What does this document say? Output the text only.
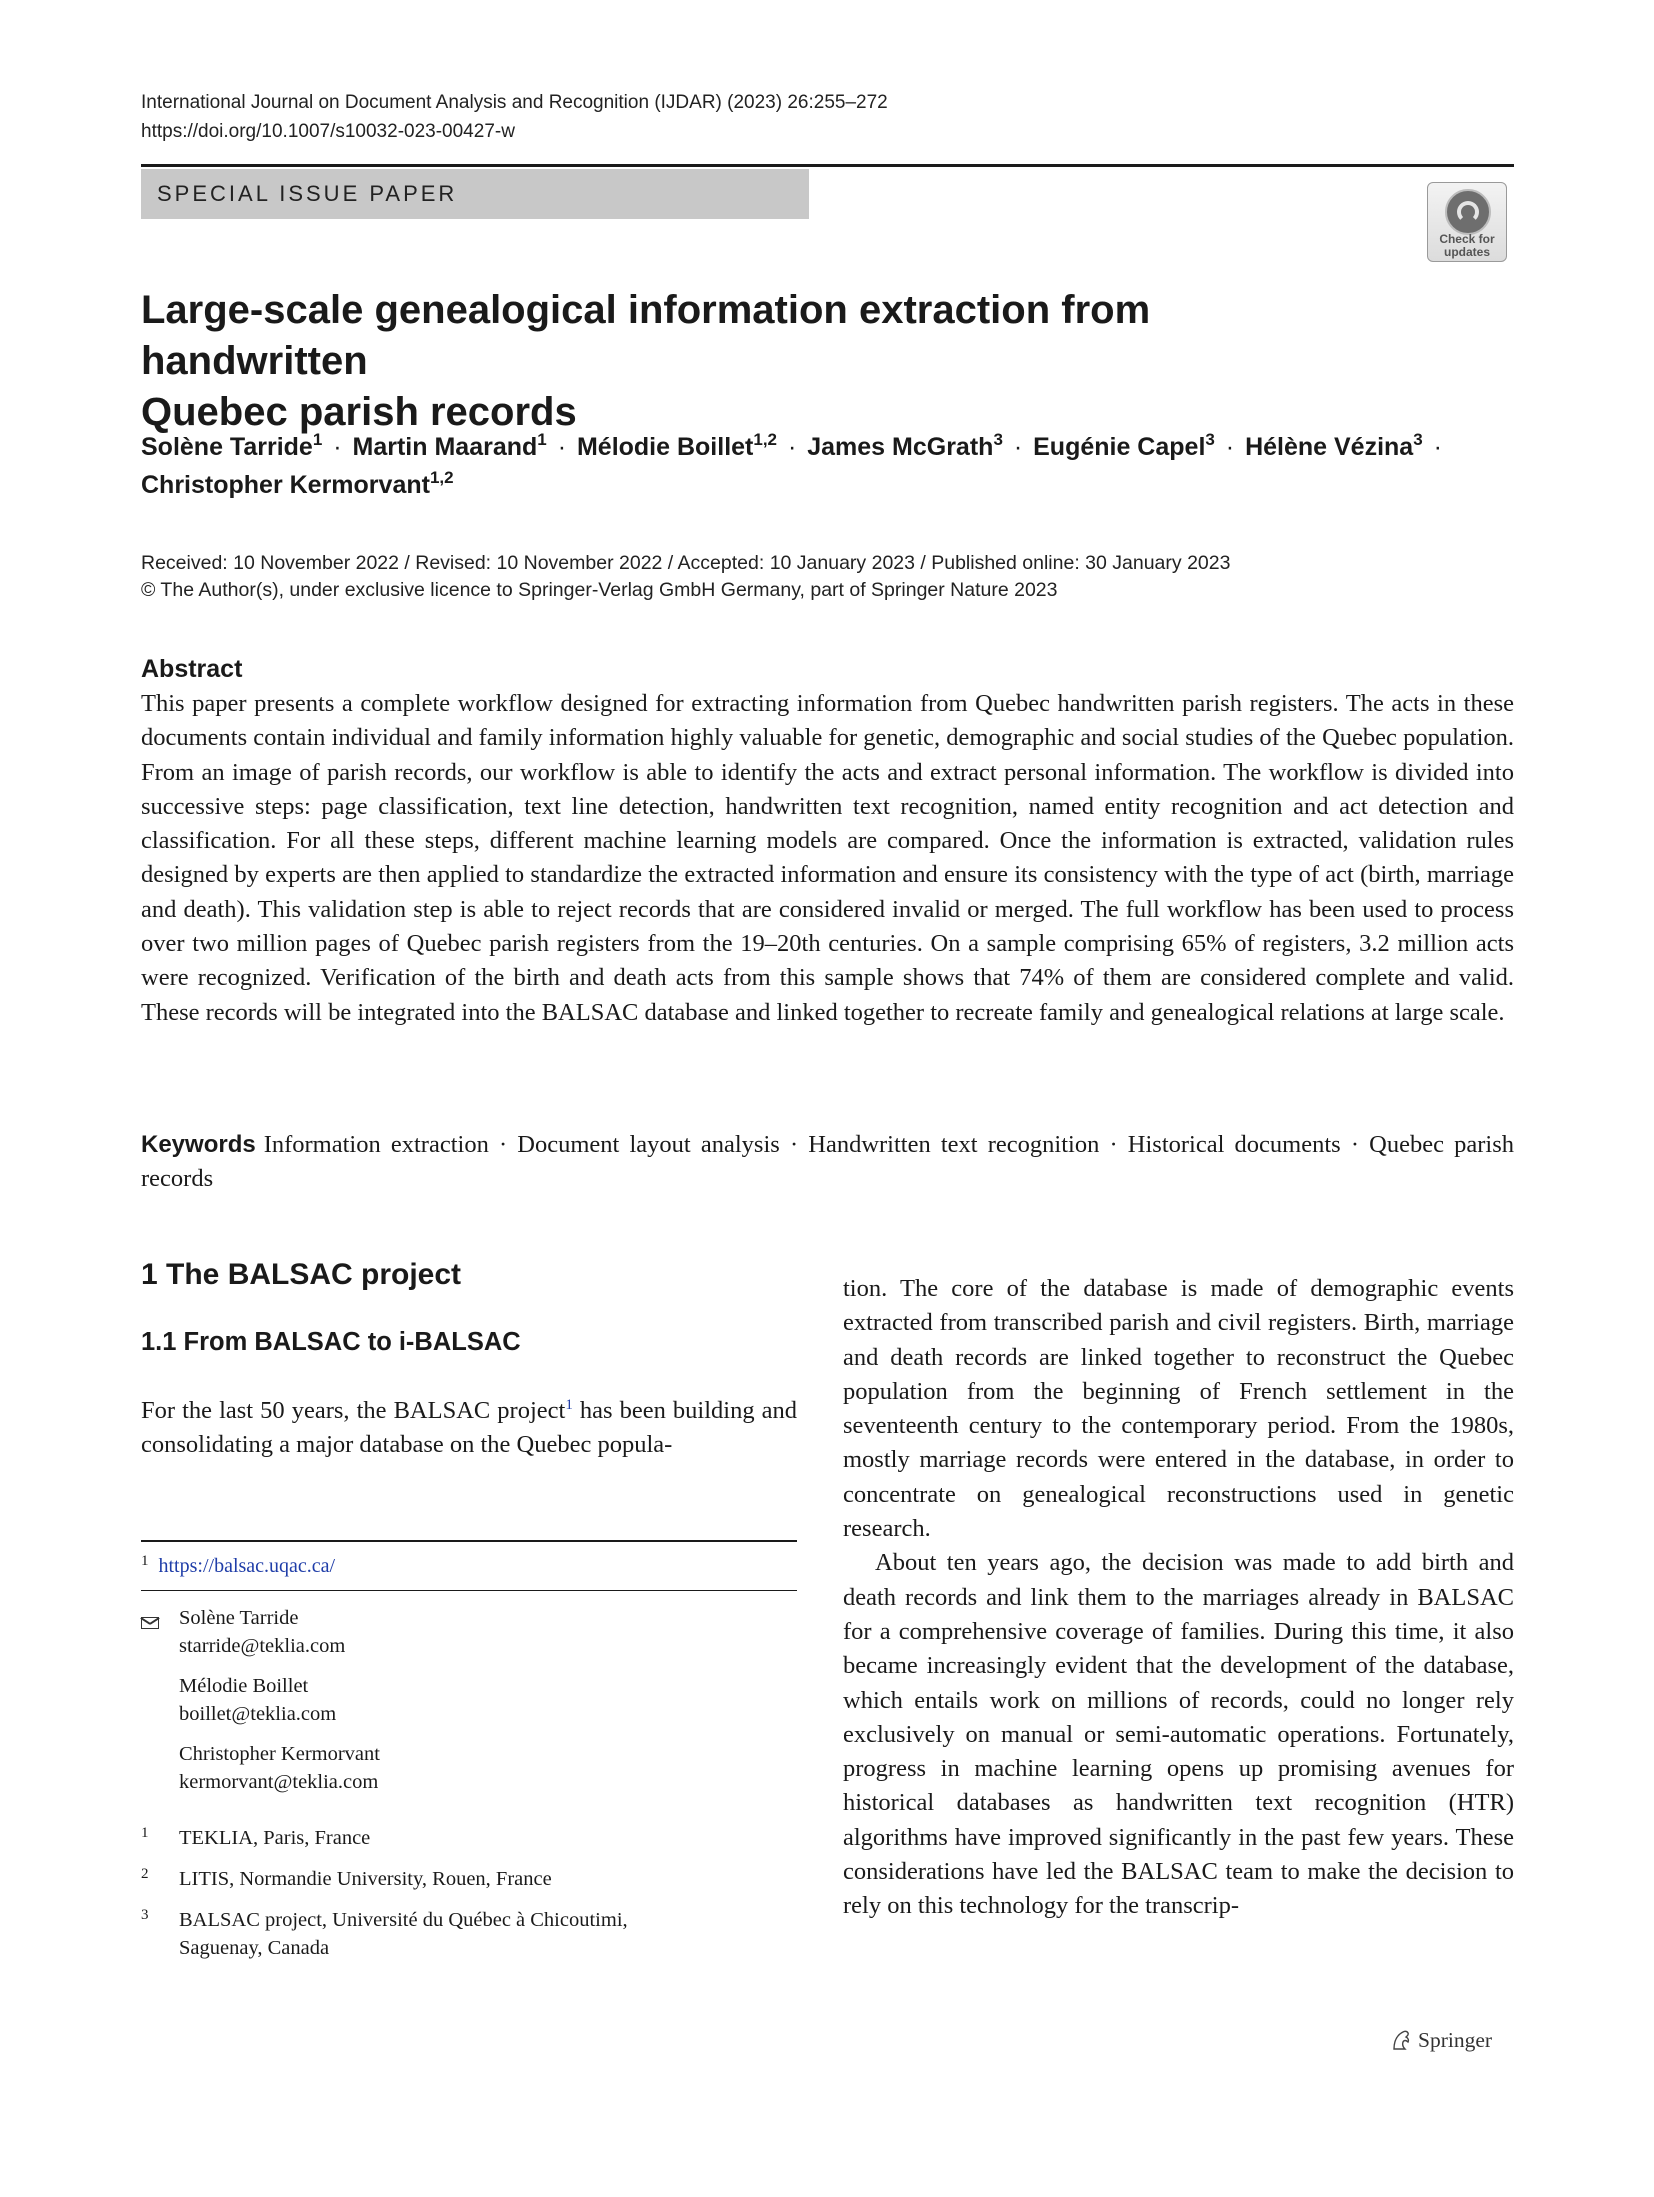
International Journal on Document Analysis and Recognition (IJDAR) (2023) 26:255–272
https://doi.org/10.1007/s10032-023-00427-w
SPECIAL ISSUE PAPER
Check for
updates
Large-scale genealogical information extraction from handwritten
Quebec parish records
Solène Tarride$^1$ · Martin Maarand$^1$ · Mélodie Boillet$^{1,2}$ · James McGrath$^3$ · Eugénie Capel$^3$ · Hélène Vézina$^3$ ·
Christopher Kermorvant$^{1,2}$
Received: 10 November 2022 / Revised: 10 November 2022 / Accepted: 10 January 2023 / Published online: 30 January 2023
© The Author(s), under exclusive licence to Springer-Verlag GmbH Germany, part of Springer Nature 2023
Abstract
This paper presents a complete workflow designed for extracting information from Quebec handwritten parish registers. The acts in these documents contain individual and family information highly valuable for genetic, demographic and social studies of the Quebec population. From an image of parish records, our workflow is able to identify the acts and extract personal information. The workflow is divided into successive steps: page classification, text line detection, handwritten text recognition, named entity recognition and act detection and classification. For all these steps, different machine learning models are compared. Once the information is extracted, validation rules designed by experts are then applied to standardize the extracted information and ensure its consistency with the type of act (birth, marriage and death). This validation step is able to reject records that are considered invalid or merged. The full workflow has been used to process over two million pages of Quebec parish registers from the 19–20th centuries. On a sample comprising 65% of registers, 3.2 million acts were recognized. Verification of the birth and death acts from this sample shows that 74% of them are considered complete and valid. These records will be integrated into the BALSAC database and linked together to recreate family and genealogical relations at large scale.
Keywords Information extraction · Document layout analysis · Handwritten text recognition · Historical documents · Quebec parish records
1 The BALSAC project
1.1 From BALSAC to i-BALSAC
For the last 50 years, the BALSAC project$^1$ has been building and consolidating a major database on the Quebec popula-
$^1$ https://balsac.uqac.ca/
Solène Tarride
starride@teklia.com
Mélodie Boillet
boillet@teklia.com
Christopher Kermorvant
kermorvant@teklia.com
1 TEKLIA, Paris, France
2 LITIS, Normandie University, Rouen, France
3 BALSAC project, Université du Québec à Chicoutimi,
Saguenay, Canada

tion. The core of the database is made of demographic events extracted from transcribed parish and civil registers. Birth, marriage and death records are linked together to reconstruct the Quebec population from the beginning of French settlement in the seventeenth century to the contemporary period. From the 1980s, mostly marriage records were entered in the database, in order to concentrate on genealogical reconstructions used in genetic research.

About ten years ago, the decision was made to add birth and death records and link them to the marriages already in BALSAC for a comprehensive coverage of families. During this time, it also became increasingly evident that the development of the database, which entails work on millions of records, could no longer rely exclusively on manual or semi-automatic operations. Fortunately, progress in machine learning opens up promising avenues for historical databases as handwritten text recognition (HTR) algorithms have improved significantly in the past few years. These considerations have led the BALSAC team to make the decision to rely on this technology for the transcrip-

Springer
